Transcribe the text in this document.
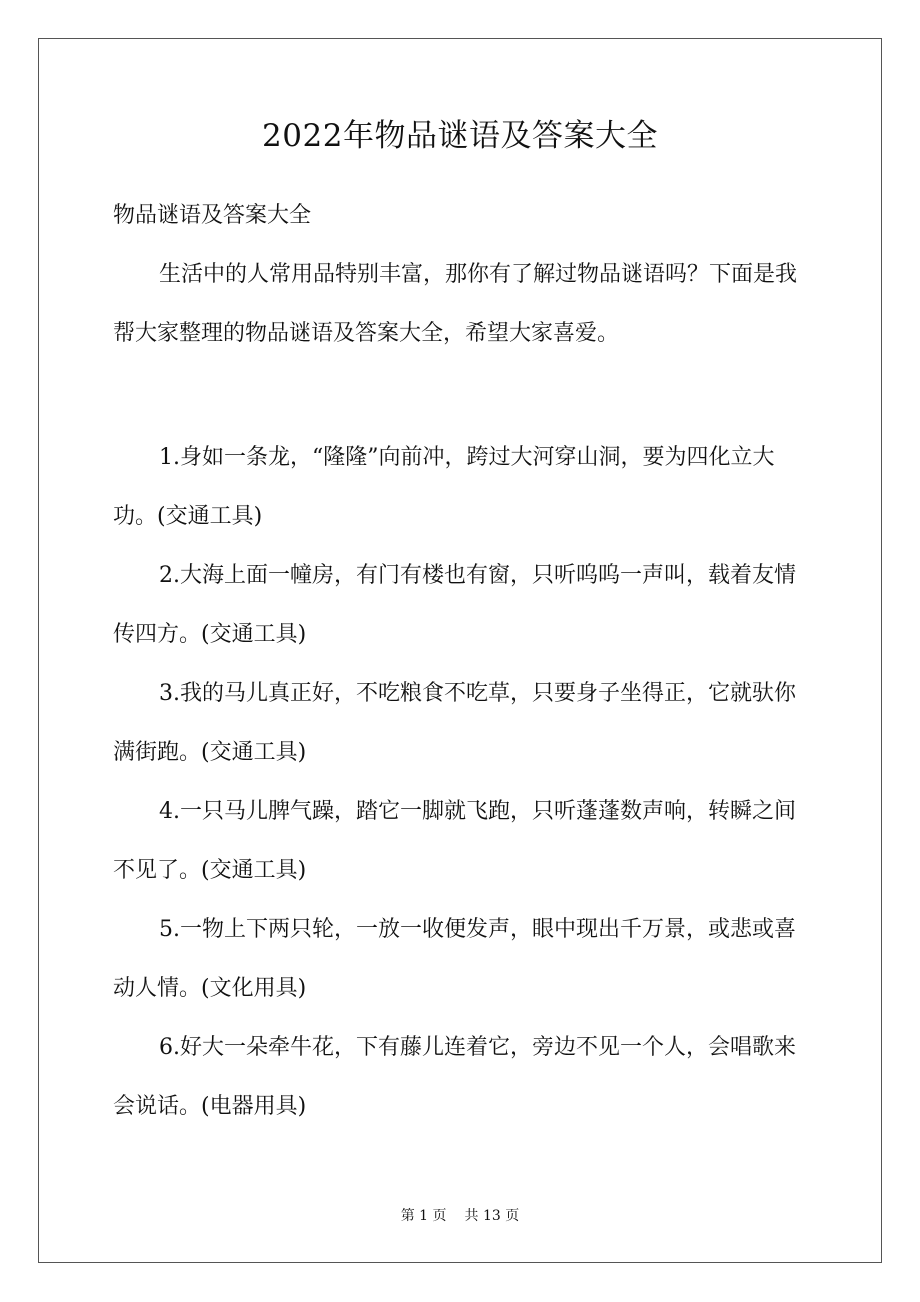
2022年物品谜语及答案大全

物品谜语及答案大全

生活中的人常用品特别丰富，那你有了解过物品谜语吗？下面是我帮大家整理的物品谜语及答案大全，希望大家喜爱。

1.身如一条龙，“隆隆”向前冲，跨过大河穿山洞，要为四化立大功。(交通工具)

2.大海上面一幢房，有门有楼也有窗，只听呜呜一声叫，载着友情传四方。(交通工具)

3.我的马儿真正好，不吃粮食不吃草，只要身子坐得正，它就驮你满街跑。(交通工具)

4.一只马儿脾气躁，踏它一脚就飞跑，只听蓬蓬数声响，转瞬之间不见了。(交通工具)

5.一物上下两只轮，一放一收便发声，眼中现出千万景，或悲或喜动人情。(文化用具)

6.好大一朵牵牛花，下有藤儿连着它，旁边不见一个人，会唱歌来会说话。(电器用具)

第 1 页 共 13 页
